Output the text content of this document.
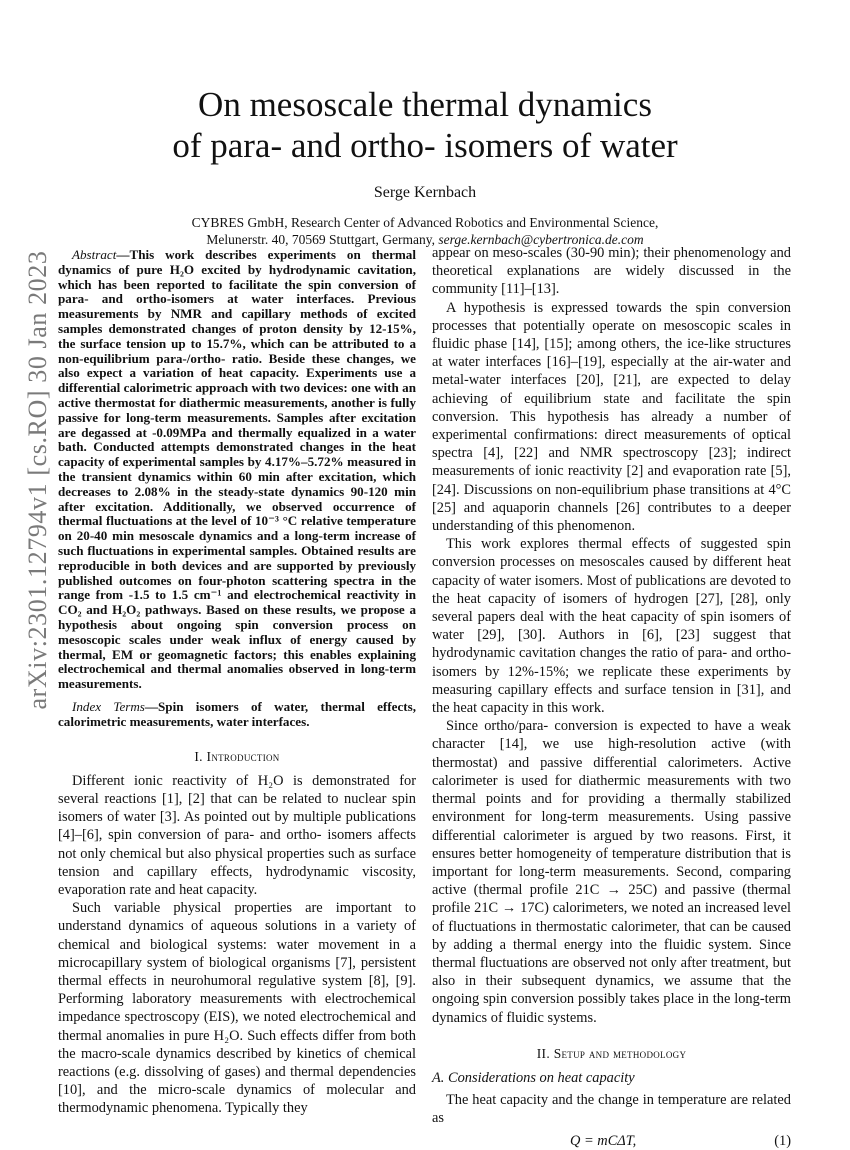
arXiv:2301.12794v1 [cs.RO] 30 Jan 2023
On mesoscale thermal dynamics
of para- and ortho- isomers of water
Serge Kernbach
CYBRES GmbH, Research Center of Advanced Robotics and Environmental Science,
Melunerstr. 40, 70569 Stuttgart, Germany, serge.kernbach@cybertronica.de.com

Abstract—This work describes experiments on thermal dynamics of pure H₂O excited by hydrodynamic cavitation, which has been reported to facilitate the spin conversion of para- and ortho-isomers at water interfaces. Previous measurements by NMR and capillary methods of excited samples demonstrated changes of proton density by 12-15%, the surface tension up to 15.7%, which can be attributed to a non-equilibrium para-/ortho- ratio. Beside these changes, we also expect a variation of heat capacity. Experiments use a differential calorimetric approach with two devices: one with an active thermostat for diathermic measurements, another is fully passive for long-term measurements. Samples after excitation are degassed at -0.09MPa and thermally equalized in a water bath. Conducted attempts demonstrated changes in the heat capacity of experimental samples by 4.17%–5.72% measured in the transient dynamics within 60 min after excitation, which decreases to 2.08% in the steady-state dynamics 90-120 min after excitation. Additionally, we observed occurrence of thermal fluctuations at the level of 10⁻³ °C relative temperature on 20-40 min mesoscale dynamics and a long-term increase of such fluctuations in experimental samples. Obtained results are reproducible in both devices and are supported by previously published outcomes on four-photon scattering spectra in the range from -1.5 to 1.5 cm⁻¹ and electrochemical reactivity in CO₂ and H₂O₂ pathways. Based on these results, we propose a hypothesis about ongoing spin conversion process on mesoscopic scales under weak influx of energy caused by thermal, EM or geomagnetic factors; this enables explaining electrochemical and thermal anomalies observed in long-term measurements.

Index Terms—Spin isomers of water, thermal effects, calorimetric measurements, water interfaces.

I. Introduction

Different ionic reactivity of H₂O is demonstrated for several reactions [1], [2] that can be related to nuclear spin isomers of water [3]. As pointed out by multiple publications [4]–[6], spin conversion of para- and ortho- isomers affects not only chemical but also physical properties such as surface tension and capillary effects, hydrodynamic viscosity, evaporation rate and heat capacity.

Such variable physical properties are important to understand dynamics of aqueous solutions in a variety of chemical and biological systems: water movement in a microcapillary system of biological organisms [7], persistent thermal effects in neurohumoral regulative system [8], [9]. Performing laboratory measurements with electrochemical impedance spectroscopy (EIS), we noted electrochemical and thermal anomalies in pure H₂O. Such effects differ from both the macro-scale dynamics described by kinetics of chemical reactions (e.g. dissolving of gases) and thermal dependencies [10], and the micro-scale dynamics of molecular and thermodynamic phenomena. Typically they

appear on meso-scales (30-90 min); their phenomenology and theoretical explanations are widely discussed in the community [11]–[13].

A hypothesis is expressed towards the spin conversion processes that potentially operate on mesoscopic scales in fluidic phase [14], [15]; among others, the ice-like structures at water interfaces [16]–[19], especially at the air-water and metal-water interfaces [20], [21], are expected to delay achieving of equilibrium state and facilitate the spin conversion. This hypothesis has already a number of experimental confirmations: direct measurements of optical spectra [4], [22] and NMR spectroscopy [23]; indirect measurements of ionic reactivity [2] and evaporation rate [5], [24]. Discussions on non-equilibrium phase transitions at 4°C [25] and aquaporin channels [26] contributes to a deeper understanding of this phenomenon.

This work explores thermal effects of suggested spin conversion processes on mesoscales caused by different heat capacity of water isomers. Most of publications are devoted to the heat capacity of isomers of hydrogen [27], [28], only several papers deal with the heat capacity of spin isomers of water [29], [30]. Authors in [6], [23] suggest that hydrodynamic cavitation changes the ratio of para- and ortho- isomers by 12%-15%; we replicate these experiments by measuring capillary effects and surface tension in [31], and the heat capacity in this work.

Since ortho/para- conversion is expected to have a weak character [14], we use high-resolution active (with thermostat) and passive differential calorimeters. Active calorimeter is used for diathermic measurements with two thermal points and for providing a thermally stabilized environment for long-term measurements. Using passive differential calorimeter is argued by two reasons. First, it ensures better homogeneity of temperature distribution that is important for long-term measurements. Second, comparing active (thermal profile 21C → 25C) and passive (thermal profile 21C → 17C) calorimeters, we noted an increased level of fluctuations in thermostatic calorimeter, that can be caused by adding a thermal energy into the fluidic system. Since thermal fluctuations are observed not only after treatment, but also in their subsequent dynamics, we assume that the ongoing spin conversion possibly takes place in the long-term dynamics of fluidic systems.

II. Setup and methodology
A. Considerations on heat capacity

The heat capacity and the change in temperature are related as

Q = mCΔT,	(1)
